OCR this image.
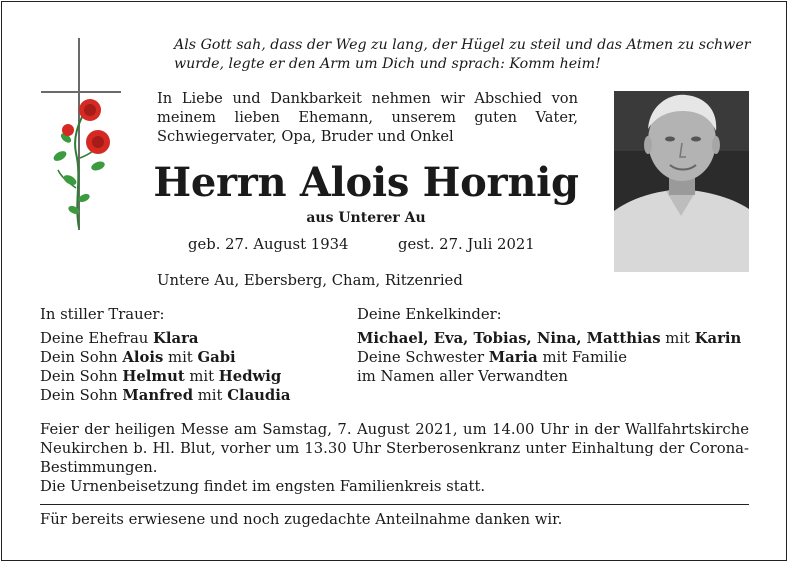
Als Gott sah, dass der Weg zu lang, der Hügel zu steil und das Atmen zu schwer wurde, legte er den Arm um Dich und sprach: Komm heim!
In Liebe und Dankbarkeit nehmen wir Abschied von meinem lieben Ehemann, unserem guten Vater, Schwiegervater, Opa, Bruder und Onkel
Herrn Alois Hornig
aus Unterer Au
geb. 27. August 1934	gest. 27. Juli 2021
Untere Au, Ebersberg, Cham, Ritzenried
In stiller Trauer:
Deine Ehefrau Klara
Dein Sohn Alois mit Gabi
Dein Sohn Helmut mit Hedwig
Dein Sohn Manfred mit Claudia
Deine Enkelkinder:
Michael, Eva, Tobias, Nina, Matthias mit Karin
Deine Schwester Maria mit Familie
im Namen aller Verwandten
Feier der heiligen Messe am Samstag, 7. August 2021, um 14.00 Uhr in der Wallfahrtskirche Neukirchen b. Hl. Blut, vorher um 13.30 Uhr Sterberosenkranz unter Einhaltung der Corona-Bestimmungen.
Die Urnenbeisetzung findet im engsten Familienkreis statt.
Für bereits erwiesene und noch zugedachte Anteilnahme danken wir.
